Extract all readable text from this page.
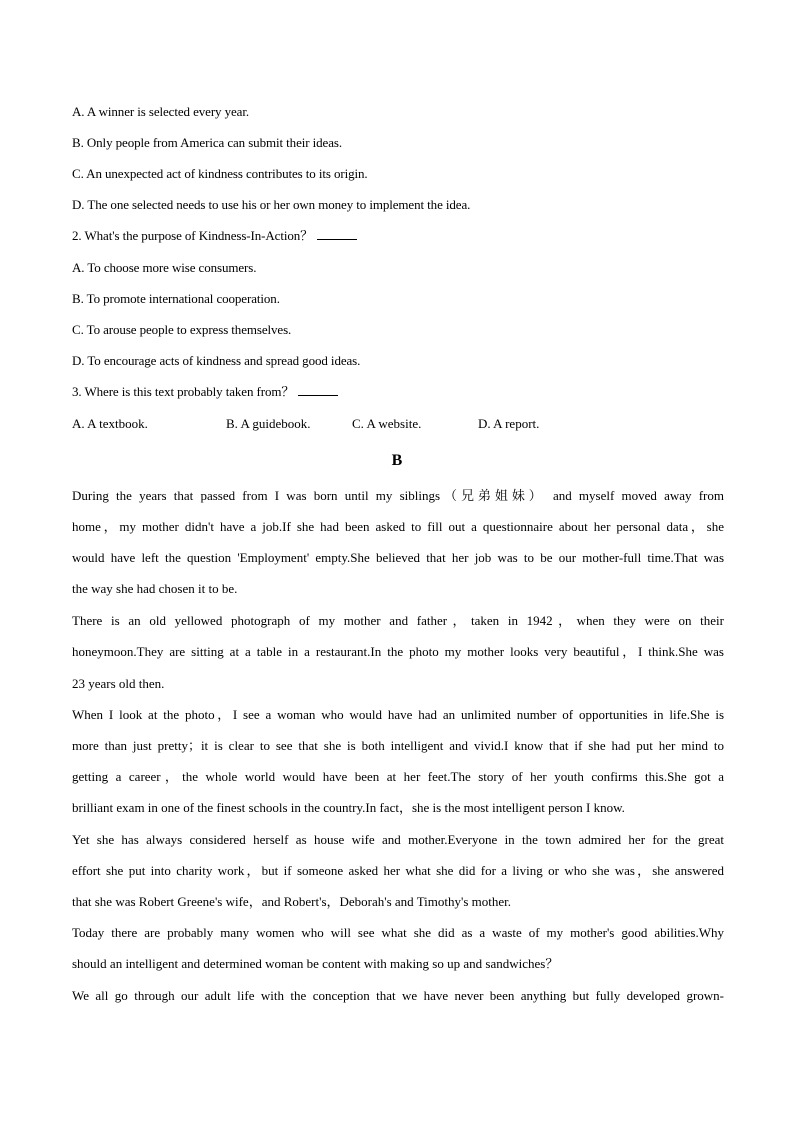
A. A winner is selected every year.
B. Only people from America can submit their ideas.
C. An unexpected act of kindness contributes to its origin.
D. The one selected needs to use his or her own money to implement the idea.
2. What's the purpose of Kindness-In-Action？
A. To choose more wise consumers.
B. To promote international cooperation.
C. To arouse people to express themselves.
D. To encourage acts of kindness and spread good ideas.
3. Where is this text probably taken from？
A. A textbook.	B. A guidebook.	C. A website.	D. A report.
B
During the years that passed from I was born until my siblings（兄弟姐妹） and myself moved away from
home，my mother didn't have a job.If she had been asked to fill out a questionnaire about her personal data，she
would have left the question 'Employment' empty.She believed that her job was to be our mother-full time.That was
the way she had chosen it to be.
There is an old yellowed photograph of my mother and father，taken in 1942，when they were on their
honeymoon.They are sitting at a table in a restaurant.In the photo my mother looks very beautiful，I think.She was
23 years old then.
When I look at the photo，I see a woman who would have had an unlimited number of opportunities in life.She is
more than just pretty；it is clear to see that she is both intelligent and vivid.I know that if she had put her mind to
getting a career，the whole world would have been at her feet.The story of her youth confirms this.She got a
brilliant exam in one of the finest schools in the country.In fact，she is the most intelligent person I know.
Yet she has always considered herself as house wife and mother.Everyone in the town admired her for the great
effort she put into charity work，but if someone asked her what she did for a living or who she was，she answered
that she was Robert Greene's wife，and Robert's，Deborah's and Timothy's mother.
Today there are probably many women who will see what she did as a waste of my mother's good abilities.Why
should an intelligent and determined woman be content with making so up and sandwiches？
We all go through our adult life with the conception that we have never been anything but fully developed grown-
